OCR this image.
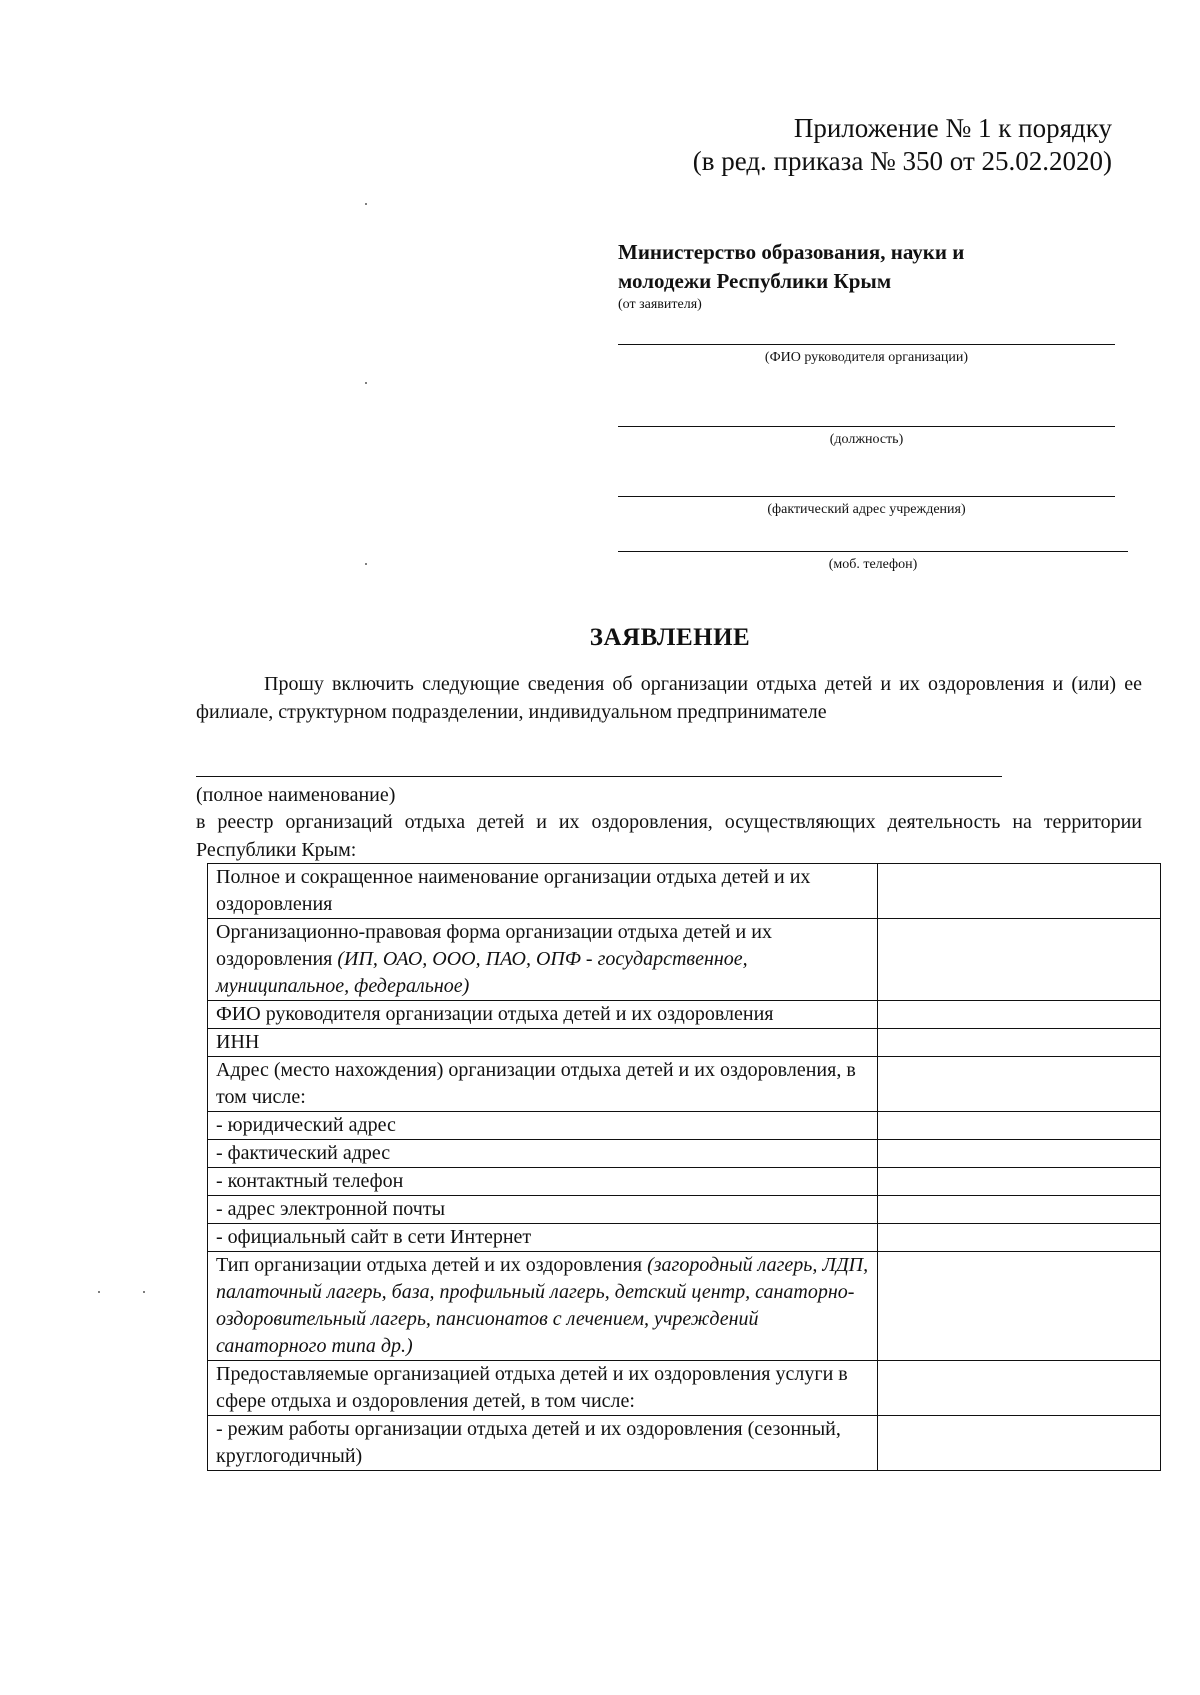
Приложение № 1 к порядку
(в ред. приказа № 350 от 25.02.2020)
Министерство образования, науки и
молодежи Республики Крым
(от заявителя)
(ФИО руководителя организации)
(должность)
(фактический адрес учреждения)
(моб. телефон)
ЗАЯВЛЕНИЕ

Прошу включить следующие сведения об организации отдыха детей и их оздоровления и (или) ее филиале, структурном подразделении, индивидуальном предпринимателе

(полное наименование)

в реестр организаций отдыха детей и их оздоровления, осуществляющих деятельность на территории Республики Крым:

Полное и сокращенное наименование организации отдыха детей и их оздоровления	
Организационно-правовая форма организации отдыха детей и их оздоровления (ИП, ОАО, ООО, ПАО, ОПФ - государственное, муниципальное, федеральное)	
ФИО руководителя организации отдыха детей и их оздоровления	
ИНН	
Адрес (место нахождения) организации отдыха детей и их оздоровления, в том числе:	
- юридический адрес	
- фактический адрес	
- контактный телефон	
- адрес электронной почты	
- официальный сайт в сети Интернет	
Тип организации отдыха детей и их оздоровления (загородный лагерь, ЛДП, палаточный лагерь, база, профильный лагерь, детский центр, санаторно-оздоровительный лагерь, пансионатов с лечением, учреждений санаторного типа др.)	
Предоставляемые организацией отдыха детей и их оздоровления услуги в сфере отдыха и оздоровления детей, в том числе:	
- режим работы организации отдыха детей и их оздоровления (сезонный, круглогодичный)	
